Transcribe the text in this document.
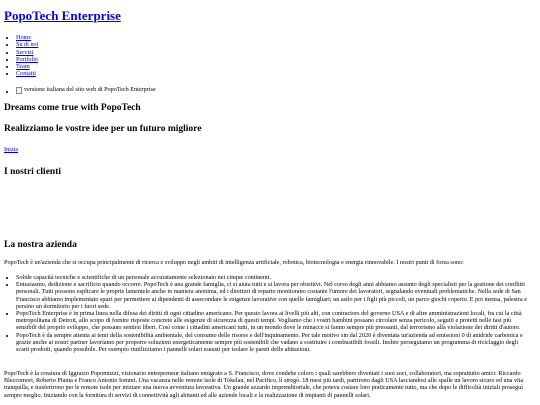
PopoTech Enterprise
• Home
• Su di noi
• Servizi
• Portfolio
• Team
• Contatti
• versione italiana del sito web di PopoTech Enterprise
Dreams come true with PopoTech
Realizziamo le vostre idee per un futuro migliore
Inizia
I nostri clienti
La nostra azienda

PopoTech è un'azienda che si occupa principalmente di ricerca e sviluppo negli ambiti di intelligenza artificiale, robotica, biotecnologia e energia rinnovabile. I nostri punti di forza sono:

• Solide capacità tecniche e scientifiche di un personale accuratamente selezionato nei cinque continenti.
• Entusiasmo, dedizione e sacrificio quando occorre. PopoTech è una grande famiglia, ci si aiuta tutti e si lavora per obiettivi. Nel corso degli anni abbiamo assunto degli specialisti per la gestione dei conflitti personali. Tutti possono esplicare le proprie lamentele anche in maniera anonima, ed i direttori di reparto monitorano costante l'umore dei lavoratori, segnalando eventuali problematiche. Nella sede di San Francisco abbiamo implementato spazi per permettere ai dipendenti di assecondare le esigenze lavorative con quelle famigliari; un asilo per i figli più piccoli, un parco giochi coperto. E poi mensa, palestra e persino un dormitorio per i fuori sede.
• PopoTech Enterprise è in prima linea nella difesa dei diritti di ogni cittadino americano. Per questo lavora ai livelli più alti, con contractors del governo USA e di altre amministrazioni locali, fra cui la città metropolitana di Detroit, allo scopo di fornire risposte concrete alle esigenze di sicurezza di questi tempi. Vogliamo che i vostri bambini possano circolare senza pericolo, seguiti e protetti nelle fasi più sensibili del proprio sviluppo, che possano sentirsi liberi. Così come i cittadini americani tutti, in un mondo dove le minacce si fanno sempre più pressanti, dal terrorismo alla violazione dei diritti d'autore.
• PopoTech è da sempre attenta ai temi della sostenibilità ambientale, del consumo delle risorse e dell'inquinamento. Per tale motivo sin dal 2020 è diventata un'azienda ad emissioni 0 di anidride carbonica e grazie anche ai nostri partner lavoriamo per proporre soluzioni energeticamente sempre più sostenibili che vadano a sostituire i combustibili fossili. Inoltre perseguiamo un programma di riciclaggio degli scarti prodotti, quando possibile. Per esempio riutilizziamo i pannelli solari esausti per isolare le pareti delle abitazioni.

PopoTech è la creatura di Iggrazio Popomuzzi, visionario entrepreneur italiano emigrato a S. Francisco, dove condebe coloro i quali sarebbero diventati i suoi soci, collaboratori, ma soprattutto amici: Riccardo Bleccomori, Roberto Pianta e Franco Antonio Iommi. Una vacanza nelle remote isole di Tokelau, nel Pacifico, lì stregò. 18 mesi più tardi, partirono dagli USA lasciandosi alle spalle un lavoro sicuro ed una vita tranquilla, e trasferirono per le remote isole per iniziare una nuova avventura lavorativa. Un grande azzardo imprenditoriale, che poteva costare loro praticamente tutto, ma che dopo le difficoltà iniziali proseguì sempre meglio. Iniziando con la fornitura di servizi di connettività agli abitanti ed alle aziende locali e la realizzazione di impianti di pannelli solari.
